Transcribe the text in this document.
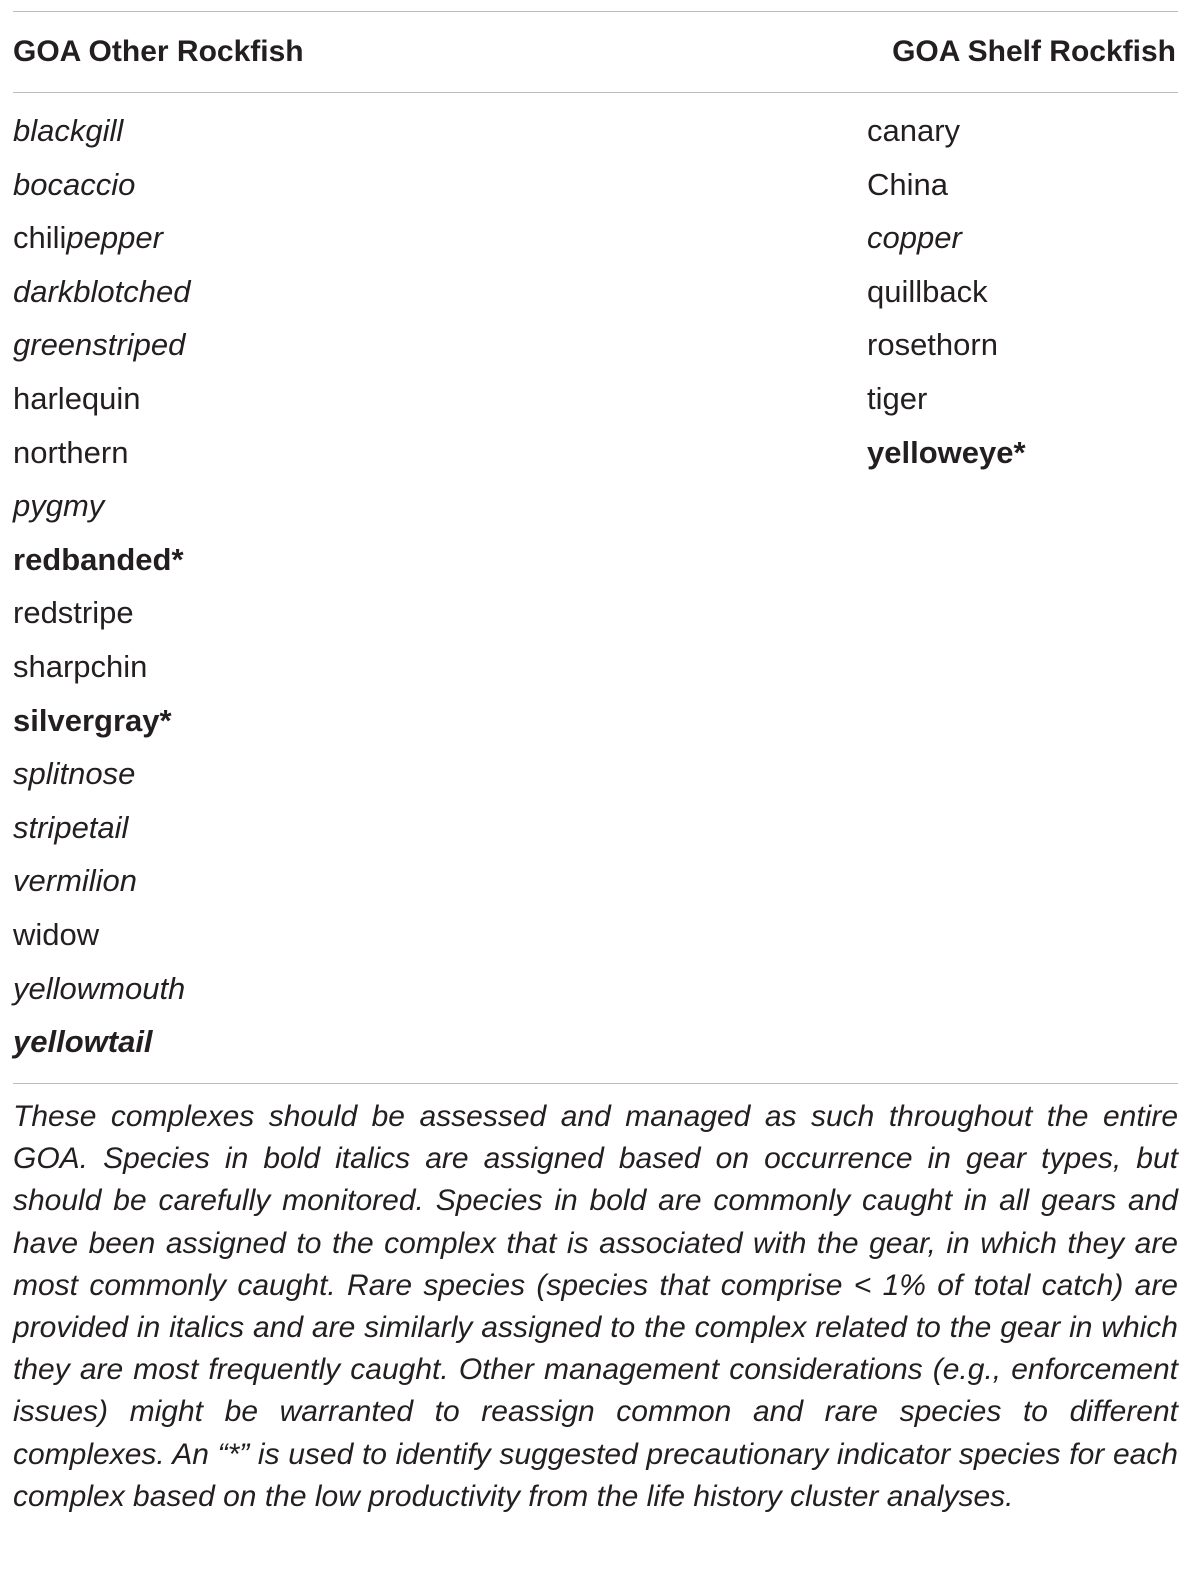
GOA Other Rockfish	GOA Shelf Rockfish
blackgill
bocaccio
chilipepper
darkblotched
greenstriped
harlequin
northern
pygmy
redbanded*
redstripe
sharpchin
silvergray*
splitnose
stripetail
vermilion
widow
yellowmouth
yellowtail
canary
China
copper
quillback
rosethorn
tiger
yelloweye*

These complexes should be assessed and managed as such throughout the entire GOA. Species in bold italics are assigned based on occurrence in gear types, but should be carefully monitored. Species in bold are commonly caught in all gears and have been assigned to the complex that is associated with the gear, in which they are most commonly caught. Rare species (species that comprise < 1% of total catch) are provided in italics and are similarly assigned to the complex related to the gear in which they are most frequently caught. Other management considerations (e.g., enforcement issues) might be warranted to reassign common and rare species to different complexes. An “*” is used to identify suggested precautionary indicator species for each complex based on the low productivity from the life history cluster analyses.
